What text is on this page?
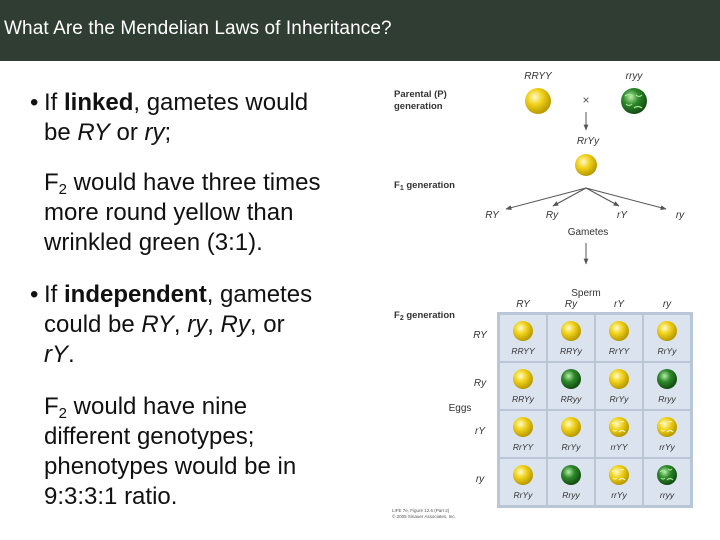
What Are the Mendelian Laws of Inheritance?
• If linked, gametes would
be RY or ry;
$F_2$ would have three times
more round yellow than
wrinkled green (3:1).
• If independent, gametes
could be RY, ry, Ry, or
rY.
$F_2$ would have nine
different genotypes;
phenotypes would be in
9:3:3:1 ratio.
Parental (P)
generation
RRYY	rryy
×
RrYy
$F_1$ generation
RY	Ry	rY	ry
Gametes
$F_2$ generation
Sperm
Eggs
RY	Ry	rY	ry
RY
Ry
rY
ry
RRYY	RRYy	RrYY	RrYy
RRYy	RRyy	RrYy	Rryy
RrYY	RrYy	rrYY	rrYy
RrYy	Rryy	rrYy	rryy
LIFE 7e, Figure 12.6 (Part 2)
© 2005 Sinauer Associates, Inc.
